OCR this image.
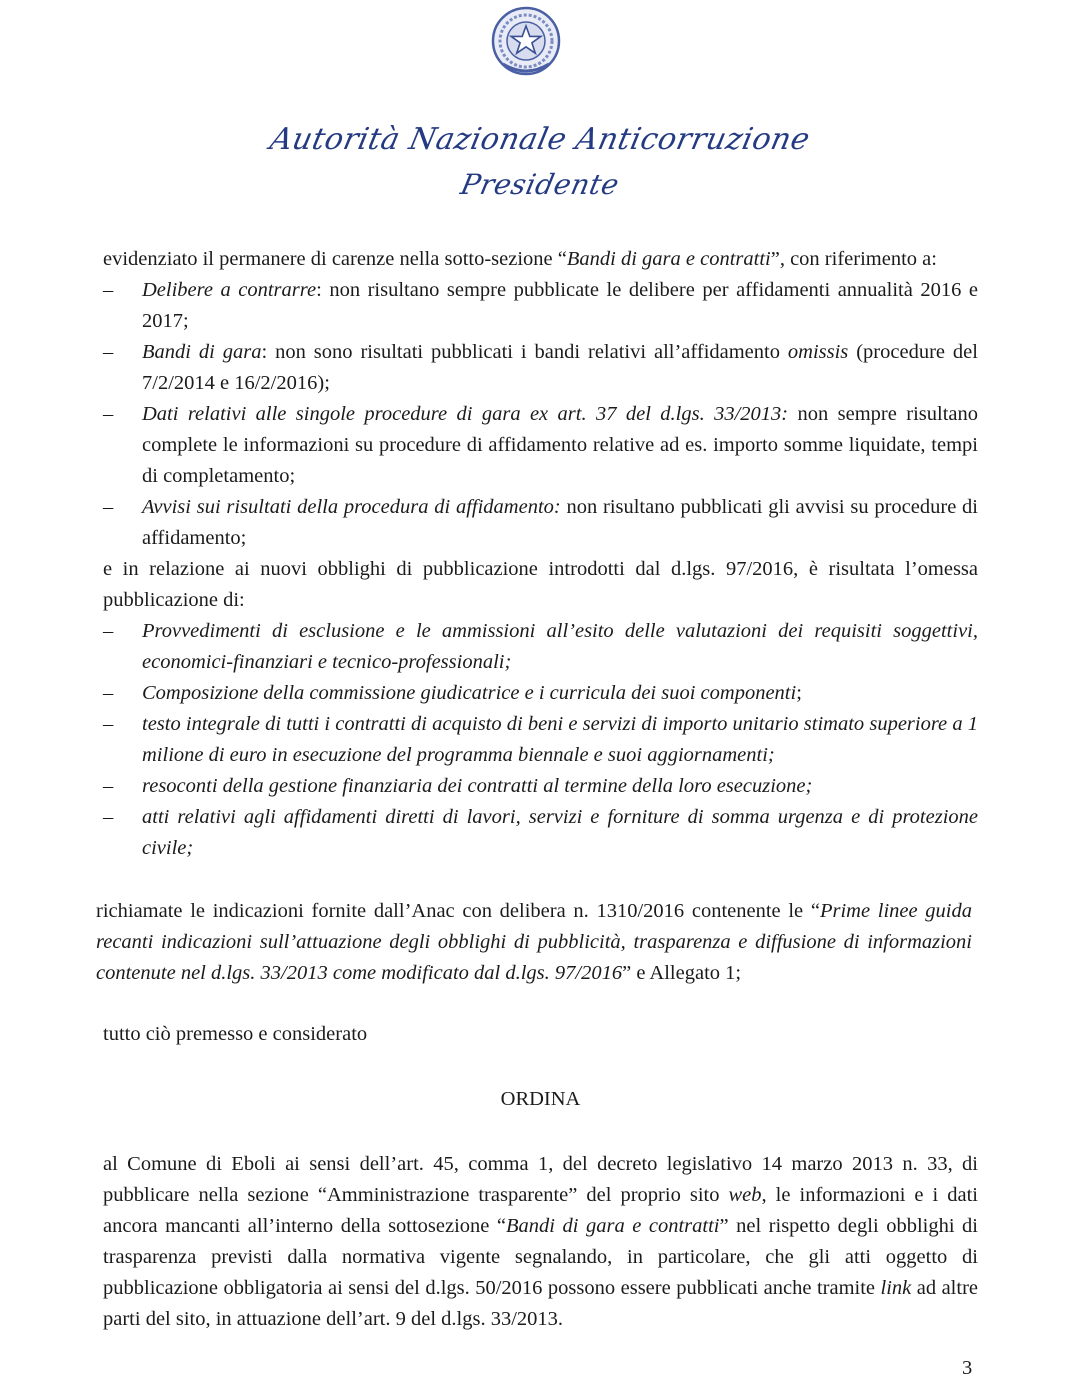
Autorità Nazionale Anticorruzione
Presidente

evidenziato il permanere di carenze nella sotto-sezione “Bandi di gara e contratti”, con riferimento a:

– Delibere a contrarre: non risultano sempre pubblicate le delibere per affidamenti annualità 2016 e 2017;
– Bandi di gara: non sono risultati pubblicati i bandi relativi all’affidamento omissis (procedure del 7/2/2014 e 16/2/2016);
– Dati relativi alle singole procedure di gara ex art. 37 del d.lgs. 33/2013: non sempre risultano complete le informazioni su procedure di affidamento relative ad es. importo somme liquidate, tempi di completamento;
– Avvisi sui risultati della procedura di affidamento: non risultano pubblicati gli avvisi su procedure di affidamento;

e in relazione ai nuovi obblighi di pubblicazione introdotti dal d.lgs. 97/2016, è risultata l’omessa pubblicazione di:

– Provvedimenti di esclusione e le ammissioni all’esito delle valutazioni dei requisiti soggettivi, economici-finanziari e tecnico-professionali;
– Composizione della commissione giudicatrice e i curricula dei suoi componenti;
– testo integrale di tutti i contratti di acquisto di beni e servizi di importo unitario stimato superiore a 1 milione di euro in esecuzione del programma biennale e suoi aggiornamenti;
– resoconti della gestione finanziaria dei contratti al termine della loro esecuzione;
– atti relativi agli affidamenti diretti di lavori, servizi e forniture di somma urgenza e di protezione civile;

richiamate le indicazioni fornite dall’Anac con delibera n. 1310/2016 contenente le “Prime linee guida recanti indicazioni sull’attuazione degli obblighi di pubblicità, trasparenza e diffusione di informazioni contenute nel d.lgs. 33/2013 come modificato dal d.lgs. 97/2016” e Allegato 1;

tutto ciò premesso e considerato

ORDINA

al Comune di Eboli ai sensi dell’art. 45, comma 1, del decreto legislativo 14 marzo 2013 n. 33, di pubblicare nella sezione “Amministrazione trasparente” del proprio sito web, le informazioni e i dati ancora mancanti all’interno della sottosezione “Bandi di gara e contratti” nel rispetto degli obblighi di trasparenza previsti dalla normativa vigente segnalando, in particolare, che gli atti oggetto di pubblicazione obbligatoria ai sensi del d.lgs. 50/2016 possono essere pubblicati anche tramite link ad altre parti del sito, in attuazione dell’art. 9 del d.lgs. 33/2013.

3
